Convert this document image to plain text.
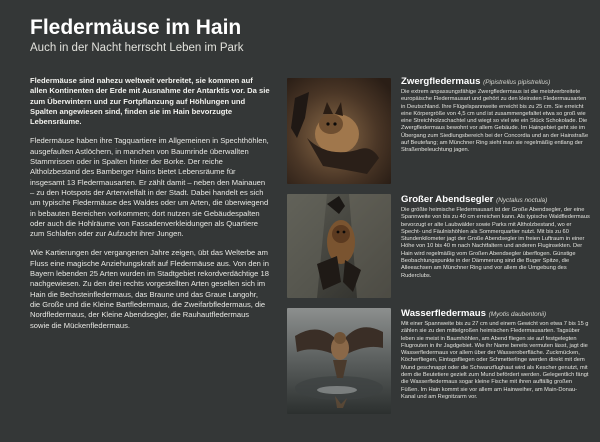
Fledermäuse im Hain
Auch in der Nacht herrscht Leben im Park

Fledermäuse sind nahezu weltweit verbreitet, sie kommen auf allen Kontinenten der Erde mit Ausnahme der Antarktis vor. Da sie zum Überwintern und zur Fortpflanzung auf Höhlungen und Spalten angewiesen sind, finden sie im Hain bevorzugte Lebensräume.

Fledermäuse haben ihre Tagquartiere im Allgemeinen in Spechthöhlen, ausgefaulten Astlöchern, in manchen von Baumrinde überwallten Stammrissen oder in Spalten hinter der Borke. Der reiche Altholzbestand des Bamberger Hains bietet Lebensräume für insgesamt 13 Fledermausarten. Er zählt damit – neben den Mainauen – zu den Hotspots der Artenvielfalt in der Stadt. Dabei handelt es sich um typische Fledermäuse des Waldes oder um Arten, die überwiegend in bebauten Bereichen vorkommen; dort nutzen sie Gebäudespalten oder auch die Hohlräume von Fassadenverkleidungen als Quartiere zum Schlafen oder zur Aufzucht ihrer Jungen.

Wie Kartierungen der vergangenen Jahre zeigen, übt das Welterbe am Fluss eine magische Anziehungskraft auf Fledermäuse aus. Von den in Bayern lebenden 25 Arten wurden im Stadtgebiet rekordverdächtige 18 nachgewiesen. Zu den drei rechts vorgestellten Arten gesellen sich im Hain die Bechsteinfledermaus, das Braune und das Graue Langohr, die Große und die Kleine Bartfledermaus, die Zweifarbfledermaus, die Nordfledermaus, der Kleine Abendsegler, die Rauhautfledermaus sowie die Mückenfledermaus.

Zwergfledermaus (Pipistrellus pipistrellus)
Die extrem anpassungsfähige Zwergfledermaus ist die meistverbreitete europäische Fledermausart und gehört zu den kleinsten Fledermausarten in Deutschland. Ihre Flügelspannweite erreicht bis zu 25 cm. Sie erreicht eine Körpergröße von 4,5 cm und ist zusammengefaltet etwa so groß wie eine Streichholzschachtel und wiegt so viel wie ein Stück Schokolade. Die Zwergfledermaus bewohnt vor allem Gebäude. Im Haingebiet geht sie im Übergang zum Siedlungsbereich bei der Concordia und an der Hainstraße auf Beutefang; am Münchner Ring sieht man sie regelmäßig entlang der Straßenbeleuchtung jagen.
Großer Abendsegler (Nyctalus noctula)
Die größte heimische Fledermausart ist der Große Abendsegler, der eine Spannweite von bis zu 40 cm erreichen kann. Als typische Waldfledermaus bevorzugt er alte Laubwälder sowie Parks mit Altholzbestand, wo er Specht- und Fäulnishöhlen als Sommerquartier nutzt. Mit bis zu 60 Stundenkilometer jagt der Große Abendsegler im freien Luftraum in einer Höhe von 10 bis 40 m nach Nachtfaltern und anderen Fluginsekten. Der Hain wird regelmäßig vom Großen Abendsegler überflogen. Günstige Beobachtungspunkte in der Dämmerung sind die Buger Spitze, die Alleeachsen am Münchner Ring und vor allem die Umgebung des Ruderclubs.
Wasserfledermaus (Myotis daubentonii)
Mit einer Spannweite bis zu 27 cm und einem Gewicht von etwa 7 bis 15 g zählen sie zu den mittelgroßen heimischen Fledermausarten. Tagsüber leben sie meist in Baumhöhlen, am Abend fliegen sie auf festgelegten Flugrouten in ihr Jagdgebiet. Wie ihr Name bereits vermuten lässt, jagt die Wasserfledermaus vor allem über der Wasseroberfläche. Zuckmücken, Köcherfliegen, Eintagsfliegen oder Schmetterlinge werden direkt mit dem Mund geschnappt oder die Schwanzflughaut wird als Kescher genutzt, mit dem die Beutetiere gezielt zum Mund befördert werden. Gelegentlich fängt die Wasserfledermaus sogar kleine Fische mit ihren auffällig großen Füßen. Im Hain kommt sie vor allem am Hainweiher, am Main-Donau-Kanal und am Regnitzarm vor.
